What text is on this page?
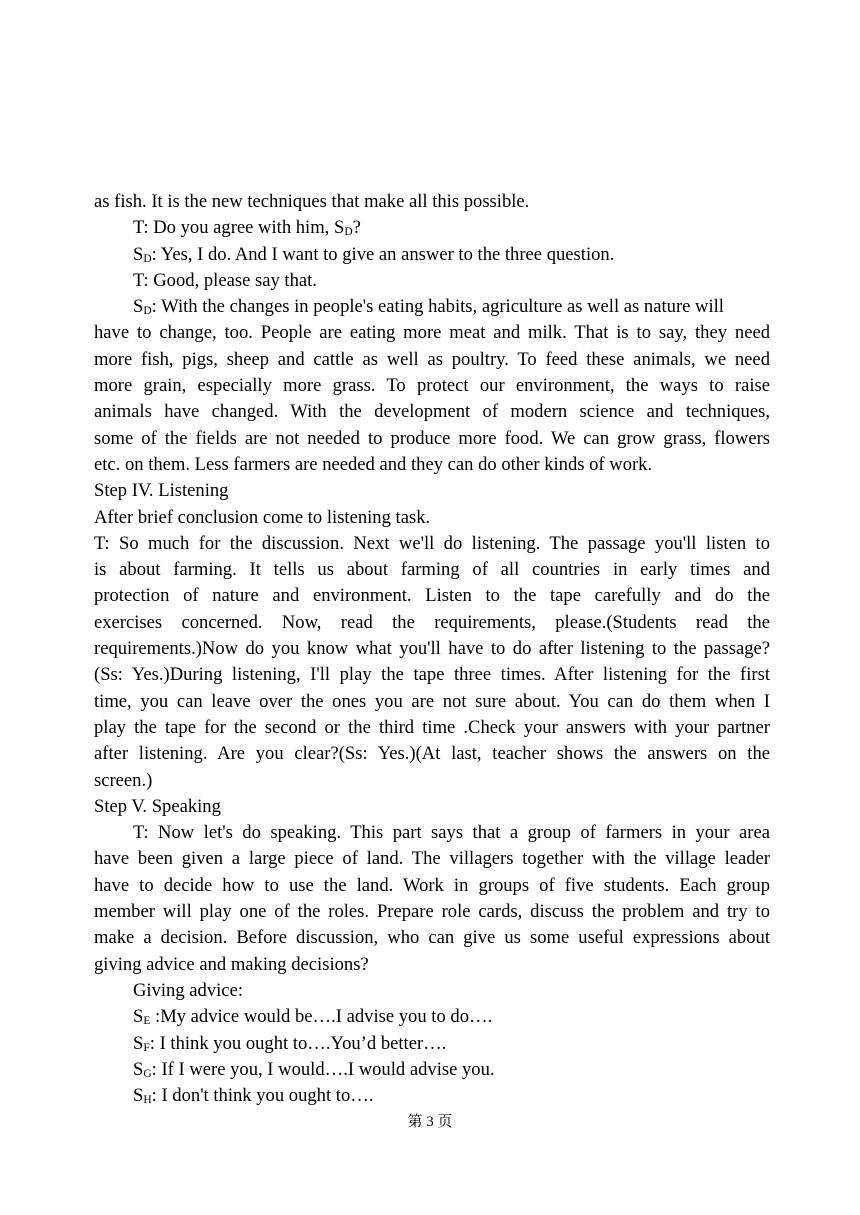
as fish. It is the new techniques that make all this possible.

T: Do you agree with him, $S_D$?

$S_D$: Yes, I do. And I want to give an answer to the three question.

T: Good, please say that.

$S_D$: With the changes in people's eating habits, agriculture as well as nature will

have to change, too. People are eating more meat and milk. That is to say, they need

more fish, pigs, sheep and cattle as well as poultry. To feed these animals, we need

more grain, especially more grass. To protect our environment, the ways to raise

animals have changed. With the development of modern science and techniques,

some of the fields are not needed to produce more food. We can grow grass, flowers

etc. on them. Less farmers are needed and they can do other kinds of work.

Step IV. Listening

After brief conclusion come to listening task.

T: So much for the discussion. Next we'll do listening. The passage you'll listen to

is about farming. It tells us about farming of all countries in early times and

protection of nature and environment. Listen to the tape carefully and do the

exercises concerned. Now, read the requirements, please.(Students read the

requirements.)Now do you know what you'll have to do after listening to the passage?

(Ss: Yes.)During listening, I'll play the tape three times. After listening for the first

time, you can leave over the ones you are not sure about. You can do them when I

play the tape for the second or the third time .Check your answers with your partner

after listening. Are you clear?(Ss: Yes.)(At last, teacher shows the answers on the

screen.)

Step V. Speaking

T: Now let's do speaking. This part says that a group of farmers in your area

have been given a large piece of land. The villagers together with the village leader

have to decide how to use the land. Work in groups of five students. Each group

member will play one of the roles. Prepare role cards, discuss the problem and try to

make a decision. Before discussion, who can give us some useful expressions about

giving advice and making decisions?

Giving advice:

$S_E$ :My advice would be….I advise you to do….

$S_F$: I think you ought to….You’d better….

$S_G$: If I were you, I would….I would advise you.

$S_H$: I don't think you ought to….

第 3 页
